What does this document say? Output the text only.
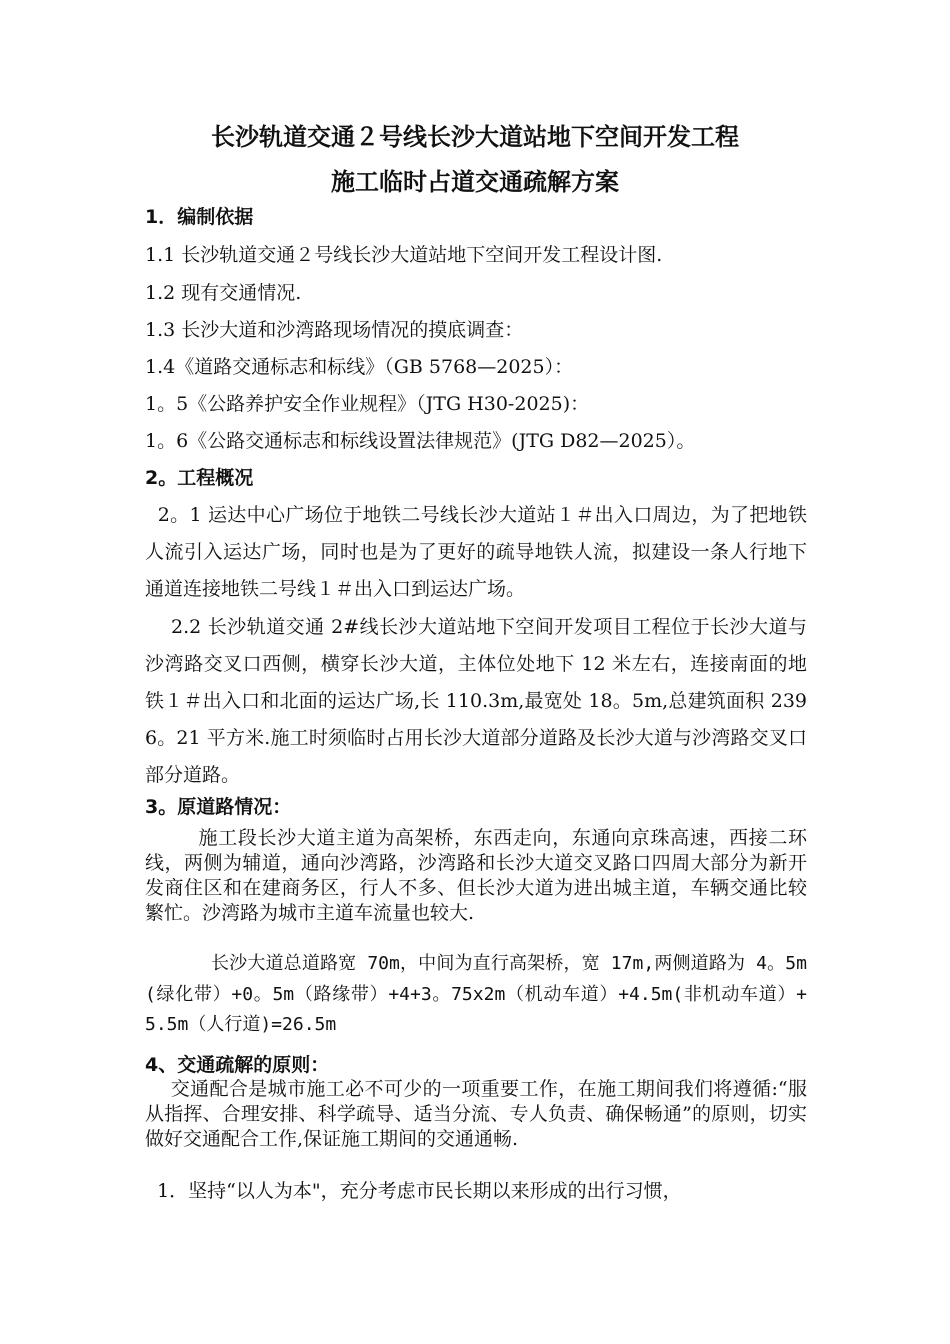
长沙轨道交通２号线长沙大道站地下空间开发工程
施工临时占道交通疏解方案
1．编制依据
1.1 长沙轨道交通２号线长沙大道站地下空间开发工程设计图.
1.2 现有交通情况.
1.3 长沙大道和沙湾路现场情况的摸底调查：
1.4《道路交通标志和标线》（GB 5768—2025）：
1。5《公路养护安全作业规程》（JTG H30-2025)：
1。6《公路交通标志和标线设置法律规范》(JTG D82—2025）。
2。工程概况
2。1 运达中心广场位于地铁二号线长沙大道站１＃出入口周边，为了把地铁人流引入运达广场，同时也是为了更好的疏导地铁人流，拟建设一条人行地下通道连接地铁二号线１＃出入口到运达广场。
2.2 长沙轨道交通 2#线长沙大道站地下空间开发项目工程位于长沙大道与沙湾路交叉口西侧，横穿长沙大道，主体位处地下 12 米左右，连接南面的地铁１＃出入口和北面的运达广场,长 110.3m,最宽处 18。5m,总建筑面积 2396。21 平方米.施工时须临时占用长沙大道部分道路及长沙大道与沙湾路交叉口部分道路。
3。原道路情况：
施工段长沙大道主道为高架桥，东西走向，东通向京珠高速，西接二环线，两侧为辅道，通向沙湾路，沙湾路和长沙大道交叉路口四周大部分为新开发商住区和在建商务区，行人不多、但长沙大道为进出城主道，车辆交通比较繁忙。沙湾路为城市主道车流量也较大.
长沙大道总道路宽 70m，中间为直行高架桥，宽 17m,两侧道路为 4。5m(绿化带）+0。5m（路缘带）+4+3。75x2m（机动车道）+4.5m(非机动车道）+5.5m（人行道)=26.5m
4、交通疏解的原则：
交通配合是城市施工必不可少的一项重要工作，在施工期间我们将遵循:“服从指挥、合理安排、科学疏导、适当分流、专人负责、确保畅通”的原则，切实做好交通配合工作,保证施工期间的交通通畅.
1．坚持“以人为本"，充分考虑市民长期以来形成的出行习惯，
